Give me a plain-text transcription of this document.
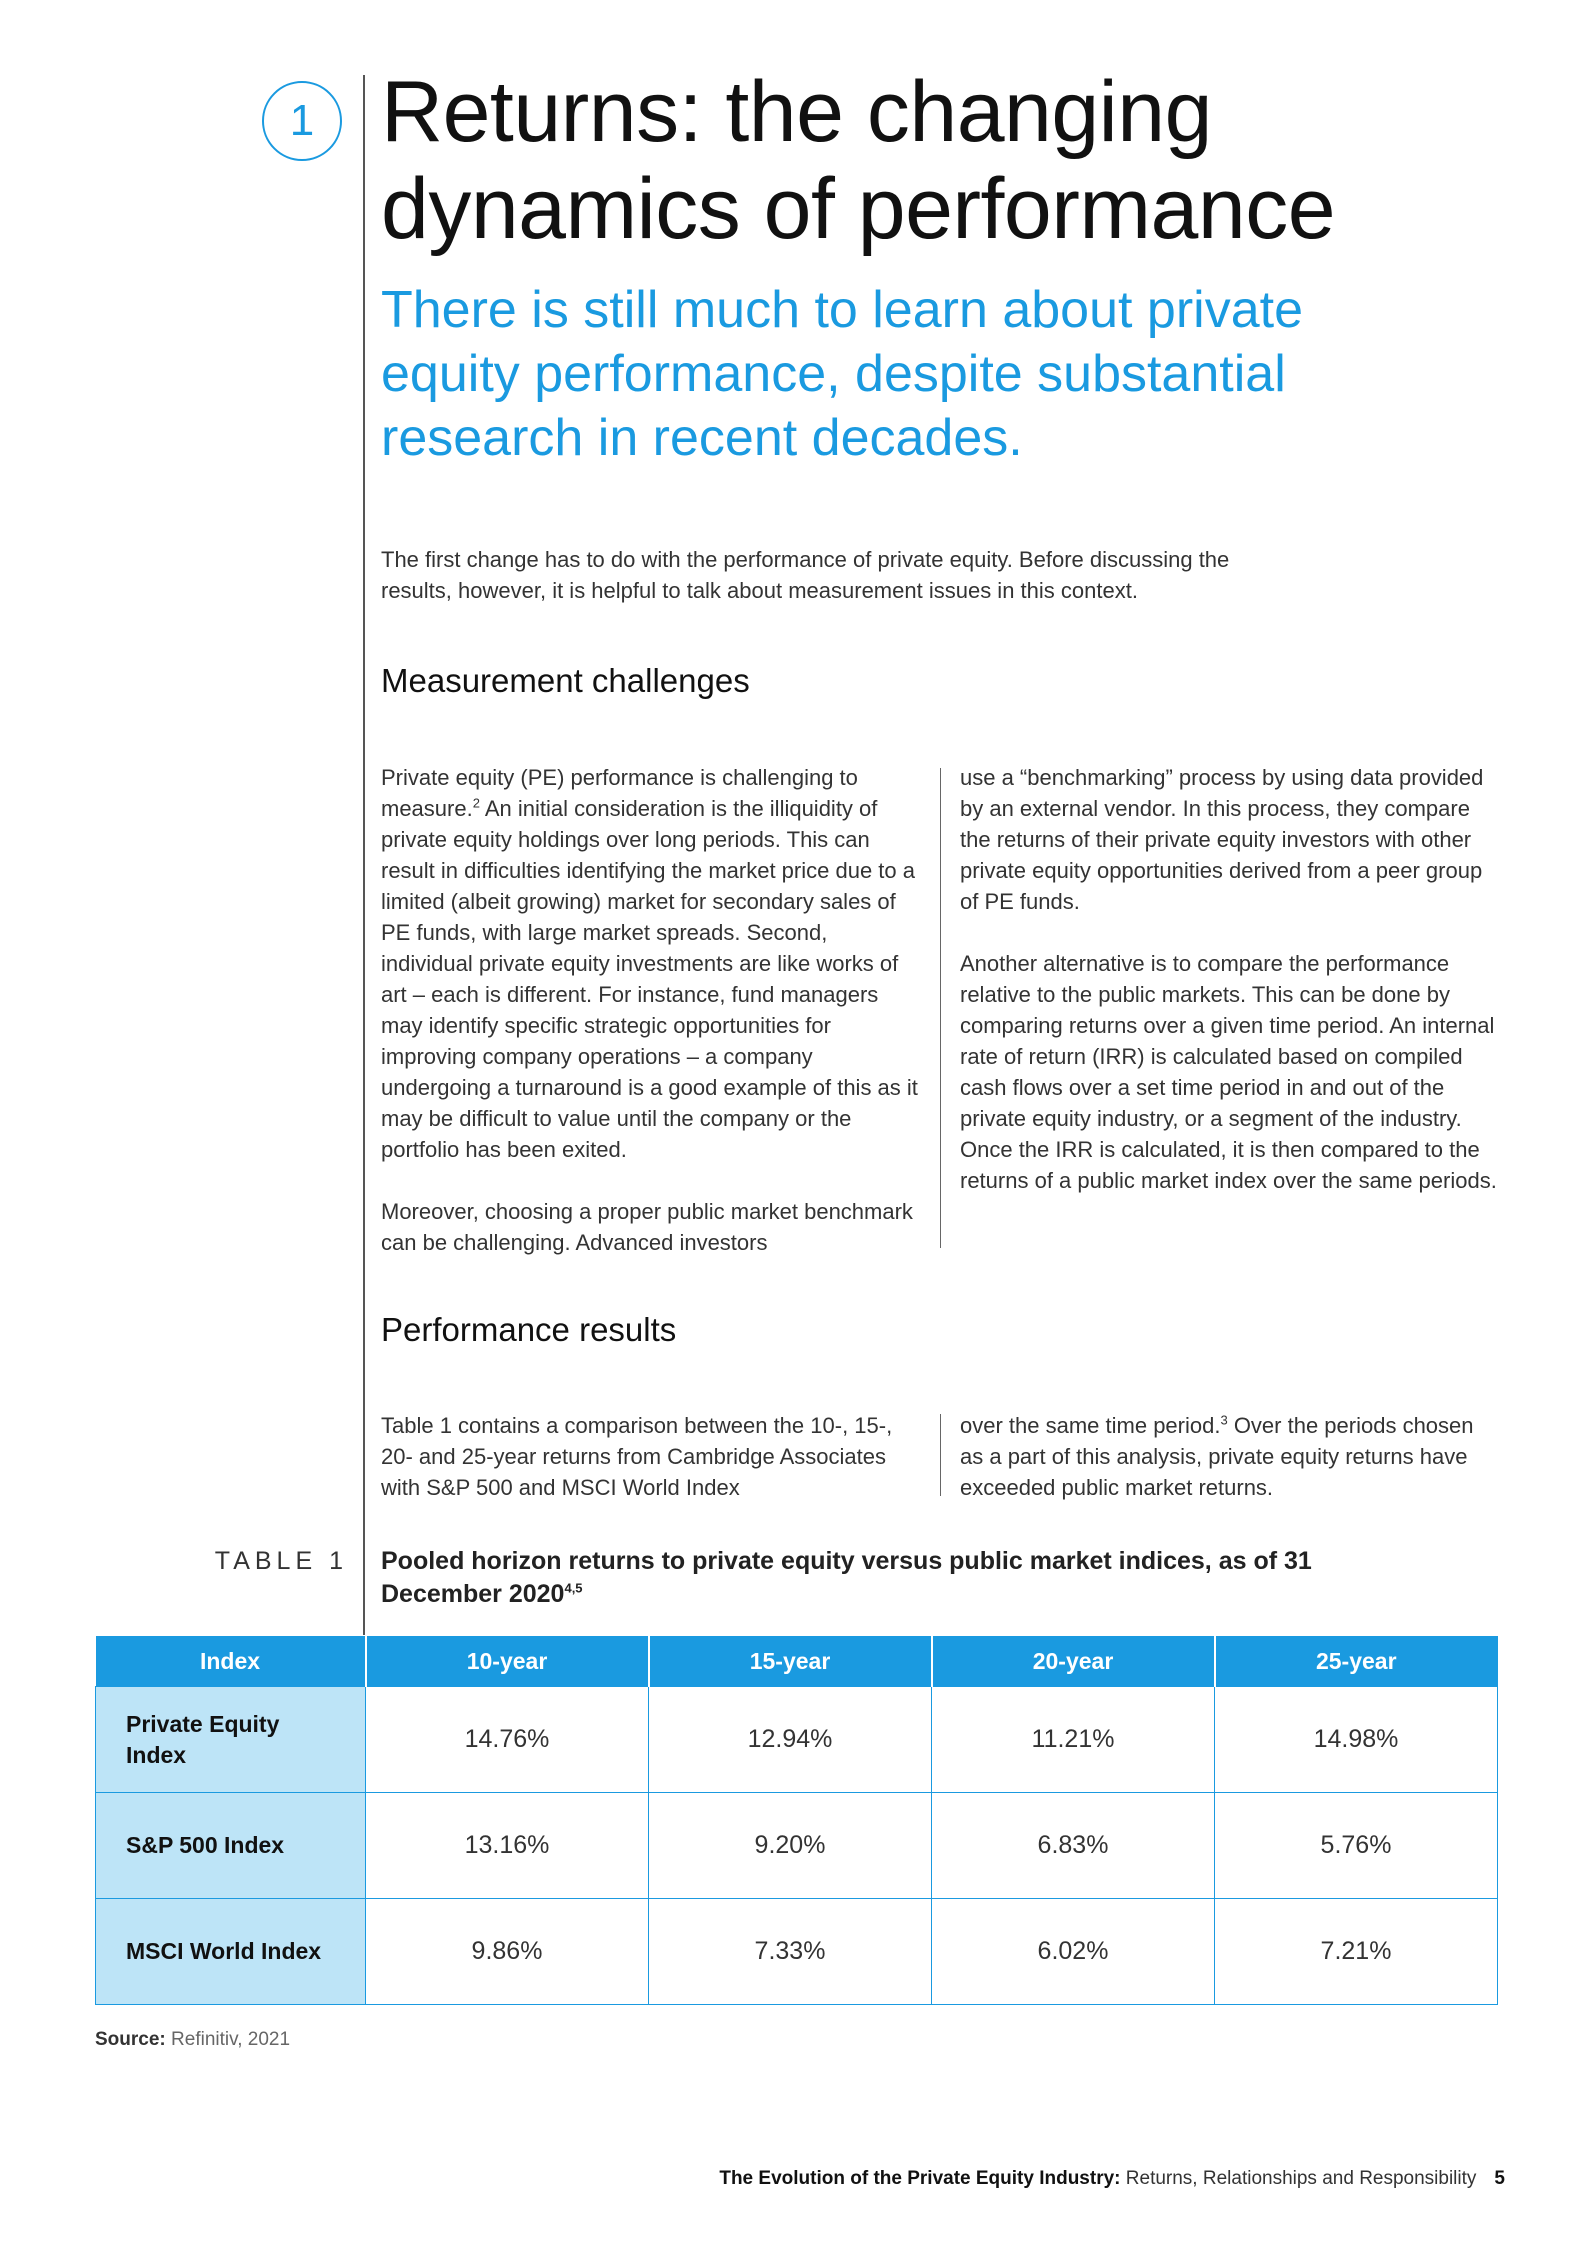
1 Returns: the changing dynamics of performance
There is still much to learn about private equity performance, despite substantial research in recent decades.

The first change has to do with the performance of private equity. Before discussing the results, however, it is helpful to talk about measurement issues in this context.

Measurement challenges

Private equity (PE) performance is challenging to measure.$^2$ An initial consideration is the illiquidity of private equity holdings over long periods. This can result in difficulties identifying the market price due to a limited (albeit growing) market for secondary sales of PE funds, with large market spreads. Second, individual private equity investments are like works of art – each is different. For instance, fund managers may identify specific strategic opportunities for improving company operations – a company undergoing a turnaround is a good example of this as it may be difficult to value until the company or the portfolio has been exited.

Moreover, choosing a proper public market benchmark can be challenging. Advanced investors

use a “benchmarking” process by using data provided by an external vendor. In this process, they compare the returns of their private equity investors with other private equity opportunities derived from a peer group of PE funds.

Another alternative is to compare the performance relative to the public markets. This can be done by comparing returns over a given time period. An internal rate of return (IRR) is calculated based on compiled cash flows over a set time period in and out of the private equity industry, or a segment of the industry. Once the IRR is calculated, it is then compared to the returns of a public market index over the same periods.

Performance results

Table 1 contains a comparison between the 10-, 15-, 20- and 25-year returns from Cambridge Associates with S&P 500 and MSCI World Index

over the same time period.$^3$ Over the periods chosen as a part of this analysis, private equity returns have exceeded public market returns.

TABLE 1 Pooled horizon returns to private equity versus public market indices, as of 31 December 2020$^{4,5}$

Index	10-year	15-year	20-year	25-year
Private Equity Index	14.76%	12.94%	11.21%	14.98%
S&P 500 Index	13.16%	9.20%	6.83%	5.76%
MSCI World Index	9.86%	7.33%	6.02%	7.21%
Source: Refinitiv, 2021
The Evolution of the Private Equity Industry: Returns, Relationships and Responsibility 5
